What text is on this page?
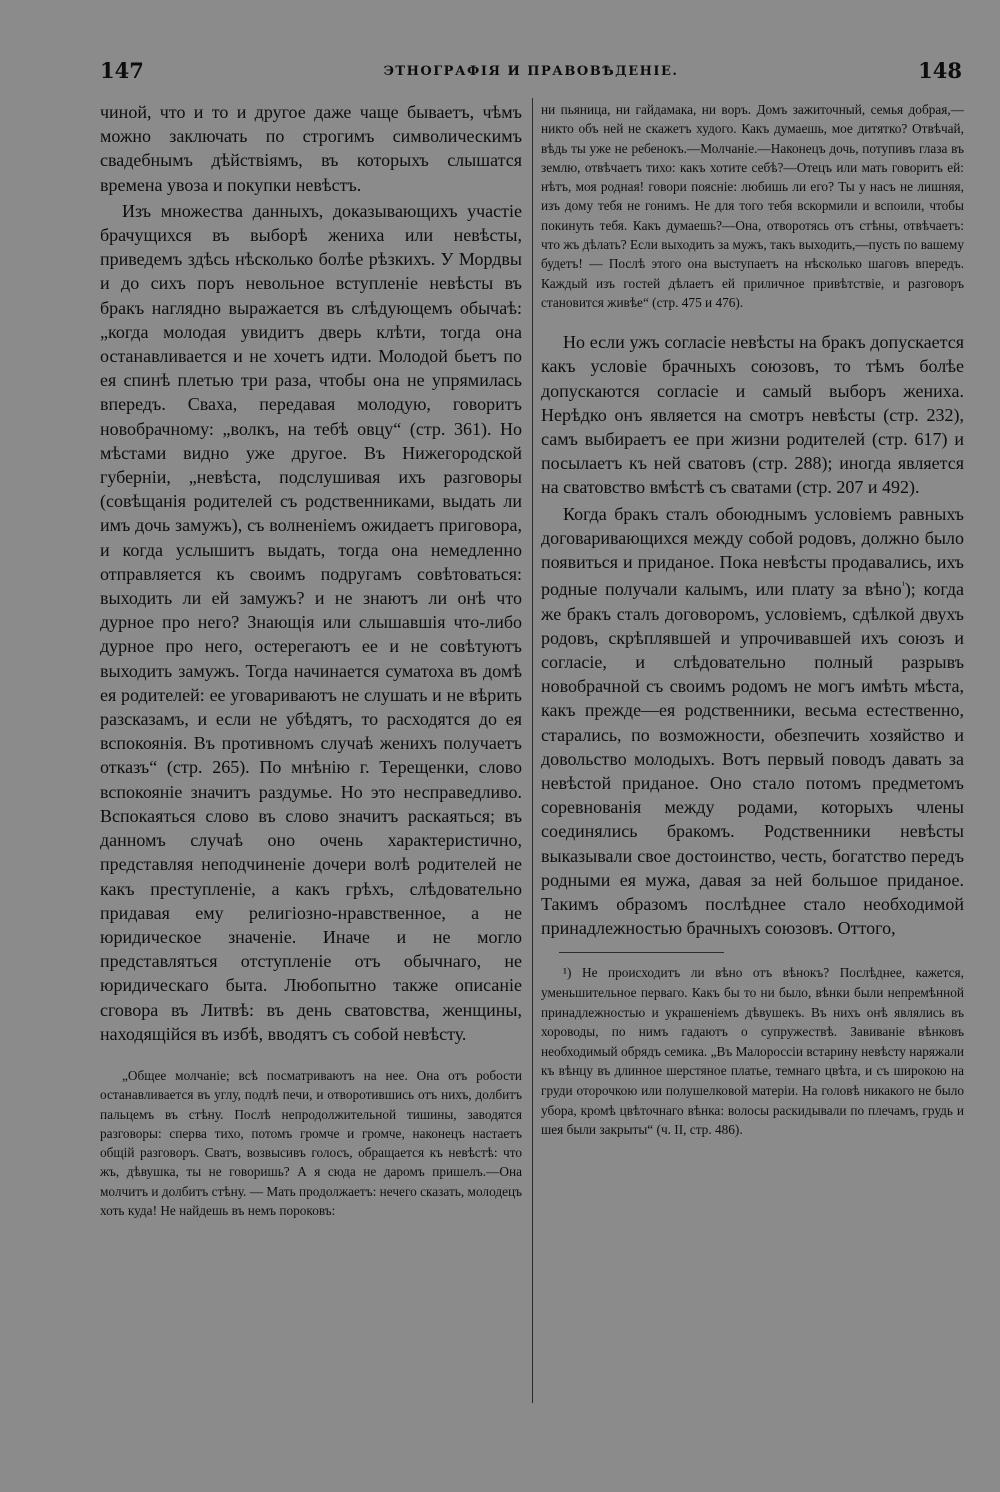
147	ЭТНОГРАФІЯ И ПРАВОВѢДЕНІЕ.	148

чиной, что и то и другое даже чаще бываетъ, чѣмъ можно заключать по строгимъ символическимъ свадебнымъ дѣйствіямъ, въ которыхъ слышатся времена увоза и покупки невѣстъ.

Изъ множества данныхъ, доказывающихъ участіе брачущихся въ выборѣ жениха или невѣсты, приведемъ здѣсь нѣсколько болѣе рѣзкихъ. У Мордвы и до сихъ поръ невольное вступленіе невѣсты въ бракъ наглядно выражается въ слѣдующемъ обычаѣ: „когда молодая увидитъ дверь клѣти, тогда она останавливается и не хочетъ идти. Молодой бьетъ по ея спинѣ плетью три раза, чтобы она не упрямилась впередъ. Сваха, передавая молодую, говоритъ новобрачному: „волкъ, на тебѣ овцу“ (стр. 361). Но мѣстами видно уже другое. Въ Нижегородской губерніи, „невѣста, подслушивая ихъ разговоры (совѣщанія родителей съ родственниками, выдать ли имъ дочь замужъ), съ волненіемъ ожидаетъ приговора, и когда услышитъ выдать, тогда она немедленно отправляется къ своимъ подругамъ совѣтоваться: выходить ли ей замужъ? и не знаютъ ли онѣ что дурное про него? Знающія или слышавшія что-либо дурное про него, остерегаютъ ее и не совѣтуютъ выходить замужъ. Тогда начинается суматоха въ домѣ ея родителей: ее уговариваютъ не слушать и не вѣрить разсказамъ, и если не убѣдятъ, то расходятся до ея вспокоянія. Въ противномъ случаѣ женихъ получаетъ отказъ“ (стр. 265). По мнѣнію г. Терещенки, слово вспокояніе значитъ раздумье. Но это несправедливо. Вспокаяться слово въ слово значитъ раскаяться; въ данномъ случаѣ оно очень характеристично, представляя неподчиненіе дочери волѣ родителей не какъ преступленіе, а какъ грѣхъ, слѣдовательно придавая ему религіозно-нравственное, а не юридическое значеніе. Иначе и не могло представляться отступленіе отъ обычнаго, не юридическаго быта. Любопытно также описаніе сговора въ Литвѣ: въ день сватовства, женщины, находящійся въ избѣ, вводятъ съ собой невѣсту.

„Общее молчаніе; всѣ посматриваютъ на нее. Она отъ робости останавливается въ углу, подлѣ печи, и отворотившись отъ нихъ, долбитъ пальцемъ въ стѣну. Послѣ непродолжительной тишины, заводятся разговоры: сперва тихо, потомъ громче и громче, наконецъ настаетъ общій разговоръ. Сватъ, возвысивъ голосъ, обращается къ невѣстѣ: что жъ, дѣвушка, ты не говоришь? А я сюда не даромъ пришелъ.—Она молчитъ и долбитъ стѣну. — Мать продолжаетъ: нечего сказать, молодецъ хоть куда! Не найдешь въ немъ пороковъ:

ни пьяница, ни гайдамака, ни воръ. Домъ зажиточный, семья добрая,—никто объ ней не скажетъ худого. Какъ думаешь, мое дитятко? Отвѣчай, вѣдь ты уже не ребенокъ.—Молчаніе.—Наконецъ дочь, потупивъ глаза въ землю, отвѣчаетъ тихо: какъ хотите себѣ?—Отецъ или мать говоритъ ей: нѣтъ, моя родная! говори поясніе: любишь ли его? Ты у насъ не лишняя, изъ дому тебя не гонимъ. Не для того тебя вскормили и вспоили, чтобы покинуть тебя. Какъ думаешь?—Она, отворотясь отъ стѣны, отвѣчаетъ: что жъ дѣлать? Если выходить за мужъ, такъ выходить,—пусть по вашему будетъ! — Послѣ этого она выступаетъ на нѣсколько шаговъ впередъ. Каждый изъ гостей дѣлаетъ ей приличное привѣтствіе, и разговоръ становится живѣе“ (стр. 475 и 476).

Но если ужъ согласіе невѣсты на бракъ допускается какъ условіе брачныхъ союзовъ, то тѣмъ болѣе допускаются согласіе и самый выборъ жениха. Нерѣдко онъ является на смотръ невѣсты (стр. 232), самъ выбираетъ ее при жизни родителей (стр. 617) и посылаетъ къ ней сватовъ (стр. 288); иногда является на сватовство вмѣстѣ съ сватами (стр. 207 и 492).

Когда бракъ сталъ обоюднымъ условіемъ равныхъ договаривающихся между собой родовъ, должно было появиться и приданое. Пока невѣсты продавались, ихъ родные получали калымъ, или плату за вѣно$^{^1}$); когда же бракъ сталъ договоромъ, условіемъ, сдѣлкой двухъ родовъ, скрѣплявшей и упрочивавшей ихъ союзъ и согласіе, и слѣдовательно полный разрывъ новобрачной съ своимъ родомъ не могъ имѣть мѣста, какъ прежде—ея родственники, весьма естественно, старались, по возможности, обезпечить хозяйство и довольство молодыхъ. Вотъ первый поводъ давать за невѣстой приданое. Оно стало потомъ предметомъ соревнованія между родами, которыхъ члены соединялись бракомъ. Родственники невѣсты выказывали свое достоинство, честь, богатство передъ родными ея мужа, давая за ней большое приданое. Такимъ образомъ послѣднее стало необходимой принадлежностью брачныхъ союзовъ. Оттого,

¹) Не происходитъ ли вѣно отъ вѣнокъ? Послѣднее, кажется, уменьшительное перваго. Какъ бы то ни было, вѣнки были непремѣнной принадлежностью и украшеніемъ дѣвушекъ. Въ нихъ онѣ являлись въ хороводы, по нимъ гадаютъ о супружествѣ. Завиваніе вѣнковъ необходимый обрядъ семика. „Въ Малороссіи встарину невѣсту наряжали къ вѣнцу въ длинное шерстяное платье, темнаго цвѣта, и съ широкою на груди оторочкою или полушелковой матеріи. На головѣ никакого не было убора, кромѣ цвѣточнаго вѣнка: волосы раскидывали по плечамъ, грудь и шея были закрыты“ (ч. II, стр. 486).
